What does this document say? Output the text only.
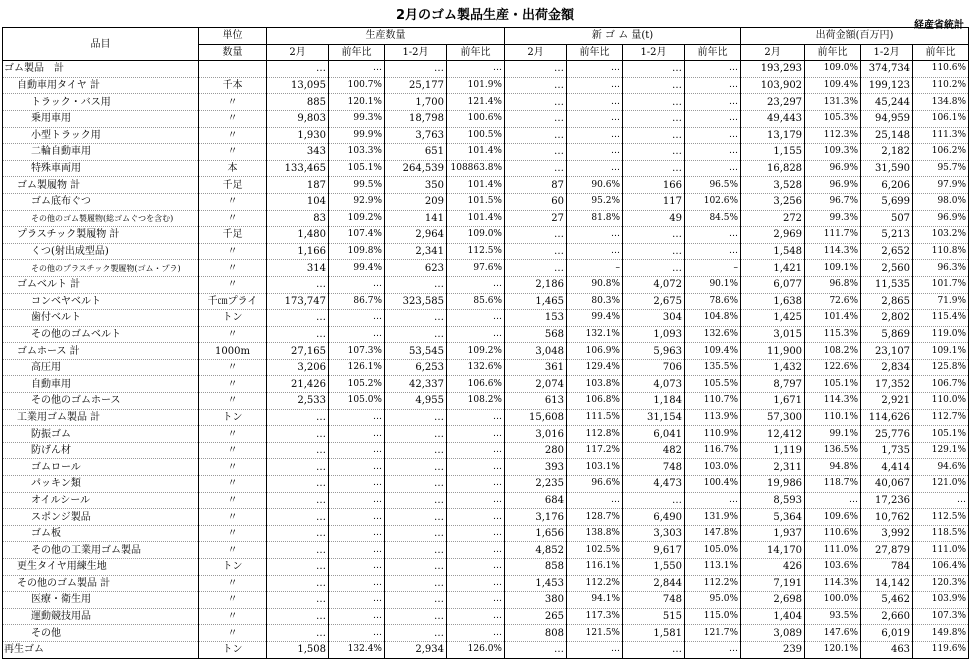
2月のゴム製品生産・出荷金額
経産省統計
品目	単位	生産数量				新 ゴ ム 量(t)				出荷金額(百万円)			
	数量	2月	前年比	1-2月	前年比	2月	前年比	1-2月	前年比	2月	前年比	1-2月	前年比
ゴム製品　計		…	…	…	…	…	…	…	…	193,293	109.0%	374,734	110.6%
自動車用タイヤ 計	千本	13,095	100.7%	25,177	101.9%	…	…	…	…	103,902	109.4%	199,123	110.2%
トラック・バス用	〃	885	120.1%	1,700	121.4%	…	…	…	…	23,297	131.3%	45,244	134.8%
乗用車用	〃	9,803	99.3%	18,798	100.6%	…	…	…	…	49,443	105.3%	94,959	106.1%
小型トラック用	〃	1,930	99.9%	3,763	100.5%	…	…	…	…	13,179	112.3%	25,148	111.3%
二輪自動車用	〃	343	103.3%	651	101.4%	…	…	…	…	1,155	109.3%	2,182	106.2%
特殊車両用	本	133,465	105.1%	264,539	108863.8%	…	…	…	…	16,828	96.9%	31,590	95.7%
ゴム製履物 計	千足	187	99.5%	350	101.4%	87	90.6%	166	96.5%	3,528	96.9%	6,206	97.9%
ゴム底布ぐつ	〃	104	92.9%	209	101.5%	60	95.2%	117	102.6%	3,256	96.7%	5,699	98.0%
その他のゴム製履物(総ゴムぐつを含む)	〃	83	109.2%	141	101.4%	27	81.8%	49	84.5%	272	99.3%	507	96.9%
プラスチック製履物 計	千足	1,480	107.4%	2,964	109.0%	…	…	…	…	2,969	111.7%	5,213	103.2%
くつ(射出成型品)	〃	1,166	109.8%	2,341	112.5%	…	…	…	…	1,548	114.3%	2,652	110.8%
その他のプラスチック製履物(ゴム・プラ)	〃	314	99.4%	623	97.6%	…	–	…	–	1,421	109.1%	2,560	96.3%
ゴムベルト 計	〃	…	…	…	…	2,186	90.8%	4,072	90.1%	6,077	96.8%	11,535	101.7%
コンベヤベルト	千㎝プライ	173,747	86.7%	323,585	85.6%	1,465	80.3%	2,675	78.6%	1,638	72.6%	2,865	71.9%
歯付ベルト	トン	…	…	…	…	153	99.4%	304	104.8%	1,425	101.4%	2,802	115.4%
その他のゴムベルト	〃	…	…	…	…	568	132.1%	1,093	132.6%	3,015	115.3%	5,869	119.0%
ゴムホース 計	1000m	27,165	107.3%	53,545	109.2%	3,048	106.9%	5,963	109.4%	11,900	108.2%	23,107	109.1%
高圧用	〃	3,206	126.1%	6,253	132.6%	361	129.4%	706	135.5%	1,432	122.6%	2,834	125.8%
自動車用	〃	21,426	105.2%	42,337	106.6%	2,074	103.8%	4,073	105.5%	8,797	105.1%	17,352	106.7%
その他のゴムホース	〃	2,533	105.0%	4,955	108.2%	613	106.8%	1,184	110.7%	1,671	114.3%	2,921	110.0%
工業用ゴム製品 計	トン	…	…	…	…	15,608	111.5%	31,154	113.9%	57,300	110.1%	114,626	112.7%
防振ゴム	〃	…	…	…	…	3,016	112.8%	6,041	110.9%	12,412	99.1%	25,776	105.1%
防げん材	〃	…	…	…	…	280	117.2%	482	116.7%	1,119	136.5%	1,735	129.1%
ゴムロール	〃	…	…	…	…	393	103.1%	748	103.0%	2,311	94.8%	4,414	94.6%
パッキン類	〃	…	…	…	…	2,235	96.6%	4,473	100.4%	19,986	118.7%	40,067	121.0%
オイルシール	〃	…	…	…	…	684	…	…	…	8,593	…	17,236	…
スポンジ製品	〃	…	…	…	…	3,176	128.7%	6,490	131.9%	5,364	109.6%	10,762	112.5%
ゴム板	〃	…	…	…	…	1,656	138.8%	3,303	147.8%	1,937	110.6%	3,992	118.5%
その他の工業用ゴム製品	〃	…	…	…	…	4,852	102.5%	9,617	105.0%	14,170	111.0%	27,879	111.0%
更生タイヤ用練生地	トン	…	…	…	…	858	116.1%	1,550	113.1%	426	103.6%	784	106.4%
その他のゴム製品 計	〃	…	…	…	…	1,453	112.2%	2,844	112.2%	7,191	114.3%	14,142	120.3%
医療・衛生用	〃	…	…	…	…	380	94.1%	748	95.0%	2,698	100.0%	5,462	103.9%
運動競技用品	〃	…	…	…	…	265	117.3%	515	115.0%	1,404	93.5%	2,660	107.3%
その他	〃	…	…	…	…	808	121.5%	1,581	121.7%	3,089	147.6%	6,019	149.8%
再生ゴム	トン	1,508	132.4%	2,934	126.0%	…	…	…	…	239	120.1%	463	119.6%
